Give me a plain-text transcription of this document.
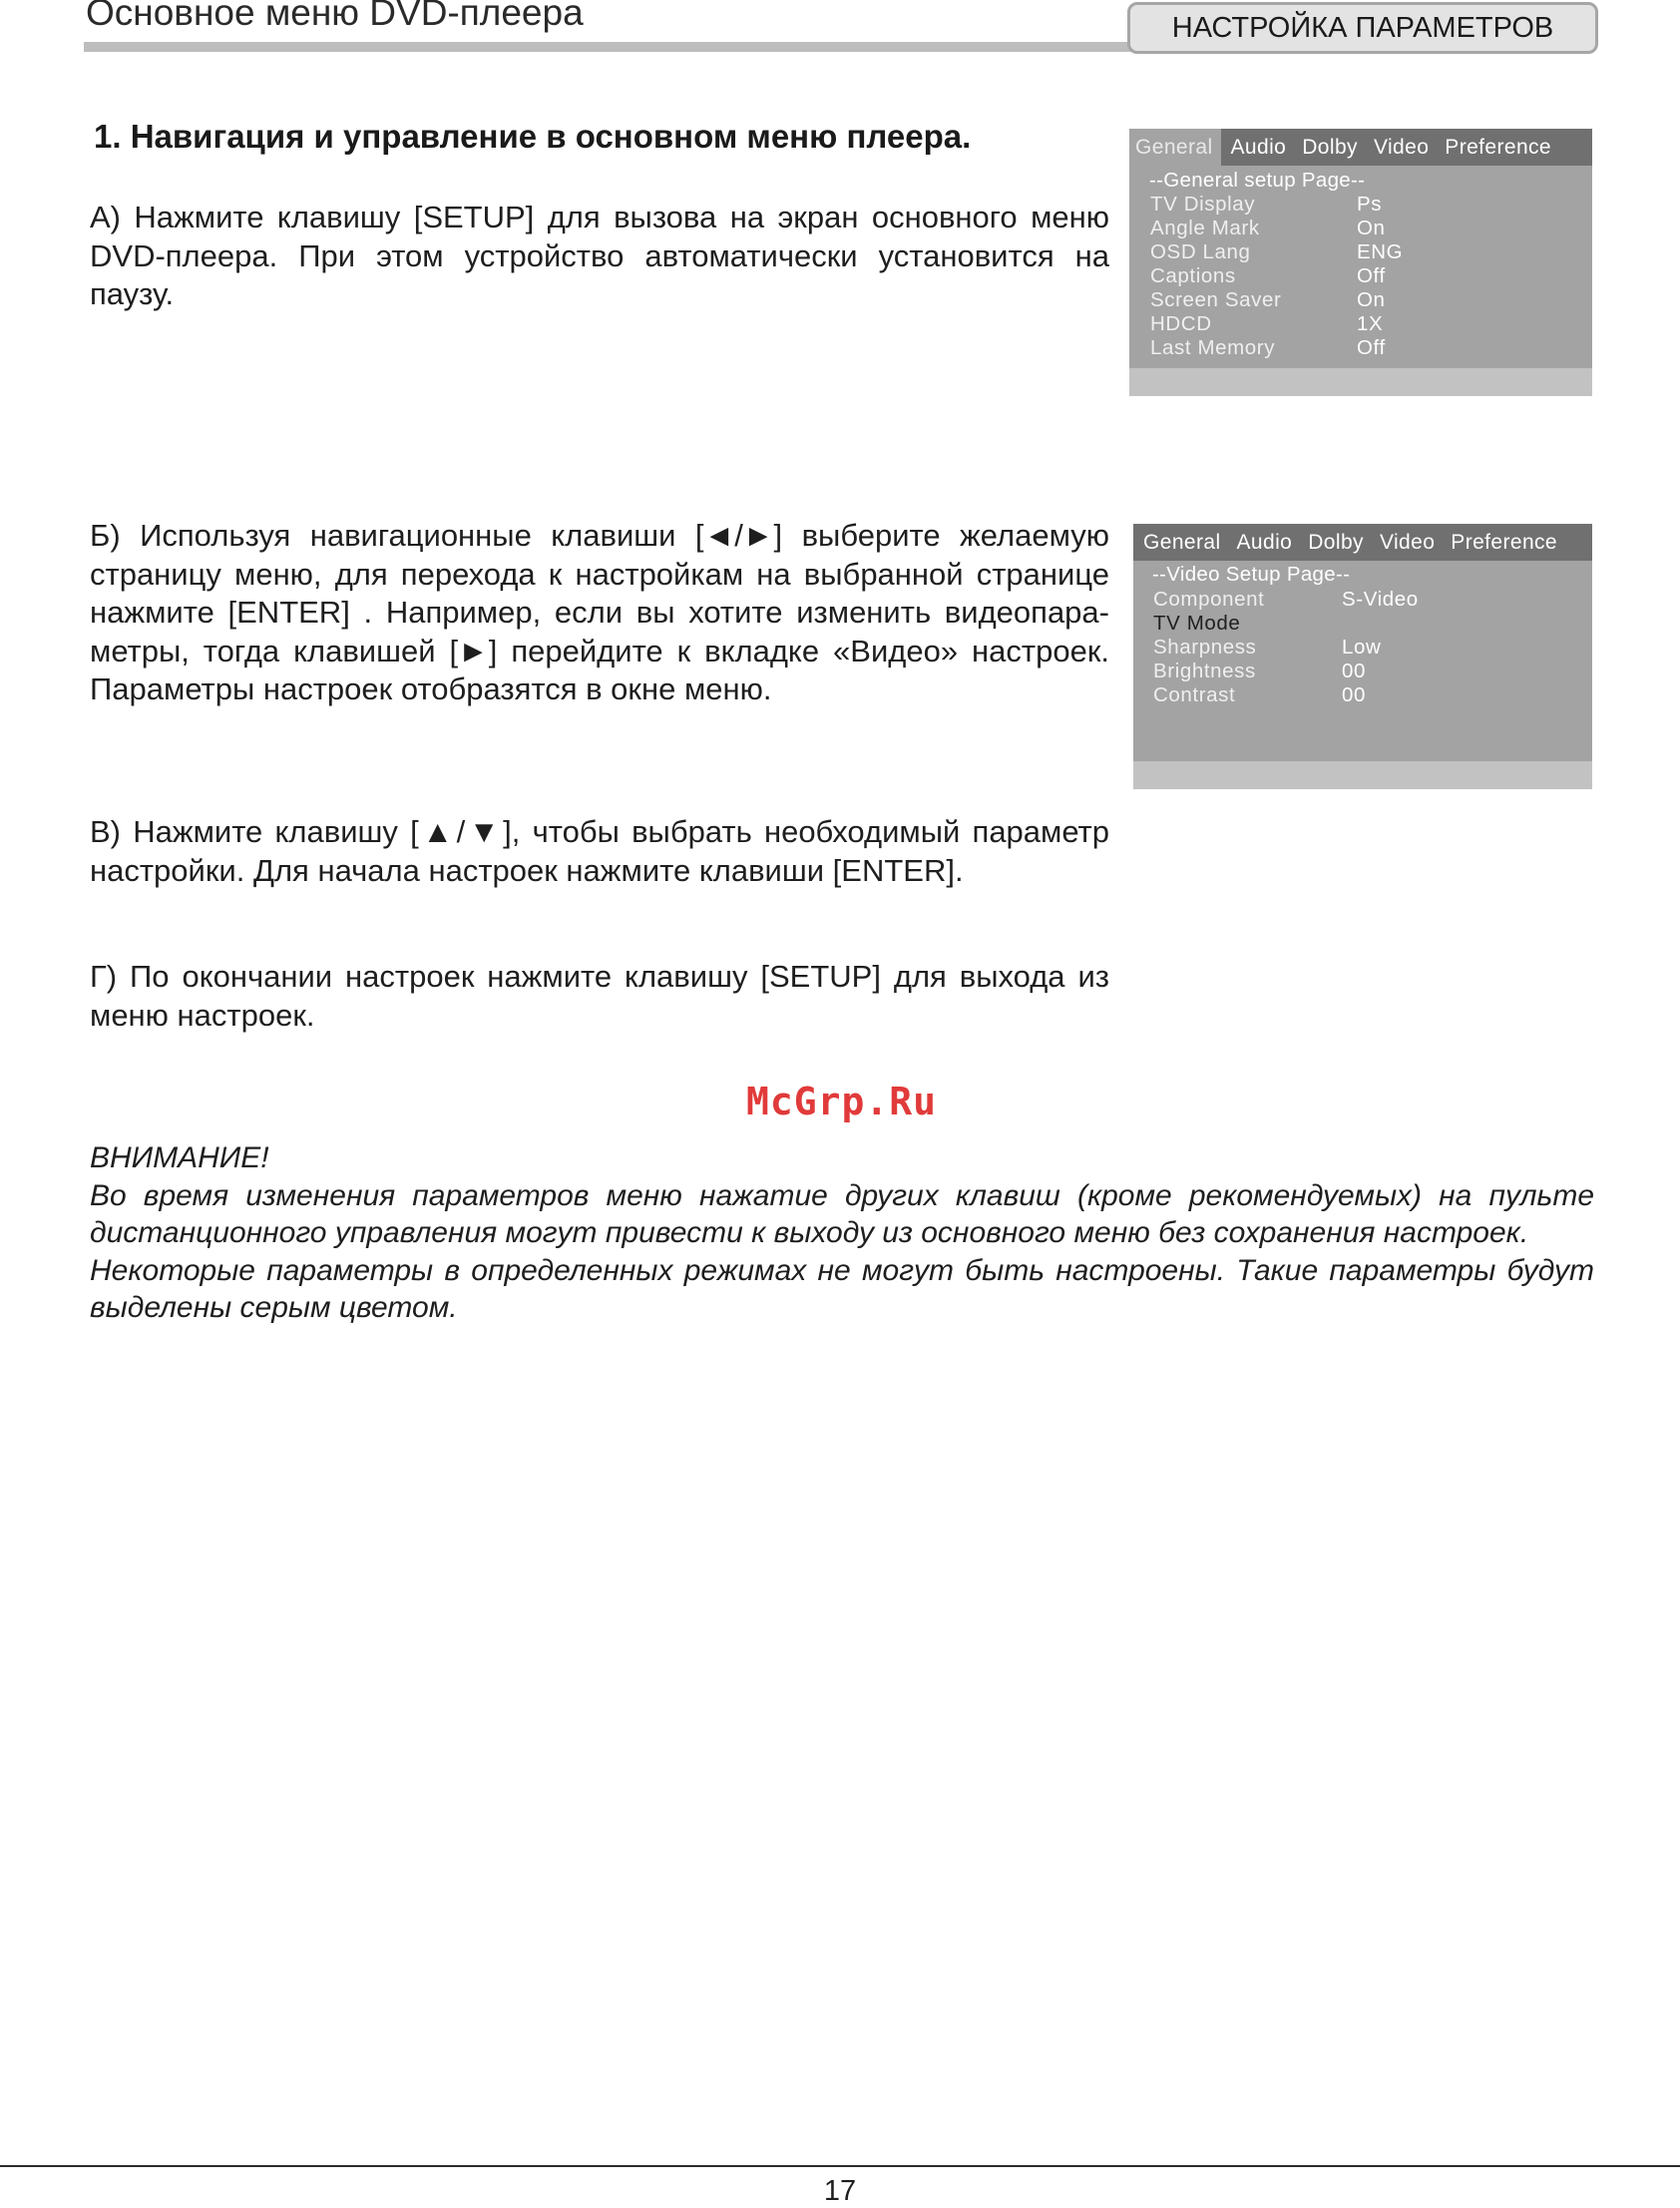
Основное меню DVD-плеера	НАСТРОЙКА ПАРАМЕТРОВ
1. Навигация и управление в основном меню плеера.
А) Нажмите клавишу [SETUP] для вызова на экран основного меню DVD-плеера. При этом устройство автоматически установится на паузу.
Б) Используя навигационные клавиши [◄/►] выберите желаемую страницу меню, для перехода к настройкам на выбранной странице нажмите [ENTER] . Например, если вы хотите изменить видеопара-метры, тогда клавишей [►] перейдите к вкладке «Видео» настроек. Параметры настроек отобразятся в окне меню.
В) Нажмите клавишу [▲/▼], чтобы выбрать необходимый параметр настройки. Для начала настроек нажмите клавиши [ENTER].
Г) По окончании настроек нажмите клавишу [SETUP] для выхода из меню настроек.
General Audio Dolby Video Preference
--General setup Page--
TV Display	Ps
Angle Mark	On
OSD Lang	ENG
Captions	Off
Screen Saver	On
HDCD	1X
Last Memory	Off
General Audio Dolby Video Preference
--Video Setup Page--
Component	S-Video
TV Mode
Sharpness	Low
Brightness	00
Contrast	00
McGrp.Ru

ВНИМАНИЕ!

Во время изменения параметров меню нажатие других клавиш (кроме рекомендуемых) на пульте дистанционного управления могут привести к выходу из основного меню без сохранения настроек.

Некоторые параметры в определенных режимах не могут быть настроены. Такие параметры будут выделены серым цветом.

17
